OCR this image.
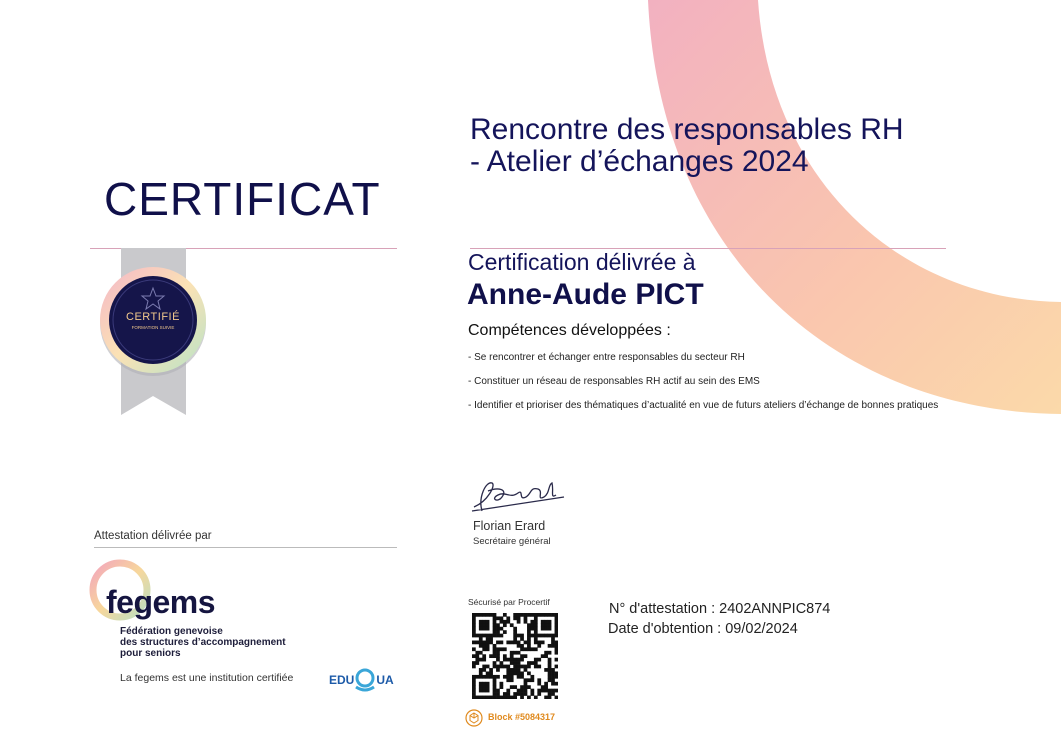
CERTIFICAT
Rencontre des responsables RH
- Atelier d’échanges 2024
CERTIFIÉ
FORMATION SUIVIE
Certification délivrée à
Anne-Aude PICT
Compétences développées :
- Se rencontrer et échanger entre responsables du secteur RH
- Constituer un réseau de responsables RH actif au sein des EMS
- Identifier et prioriser des thématiques d’actualité en vue de futurs ateliers d’échange de bonnes pratiques
Attestation délivrée par
fegems
Fédération genevoise
des structures d’accompagnement
pour seniors
La fegems est une institution certifiée	EDU UA
Florian Erard
Secrétaire général
Sécurisé par Procertif
Block #5084317
N° d'attestation : 2402ANNPIC874
Date d'obtention : 09/02/2024
